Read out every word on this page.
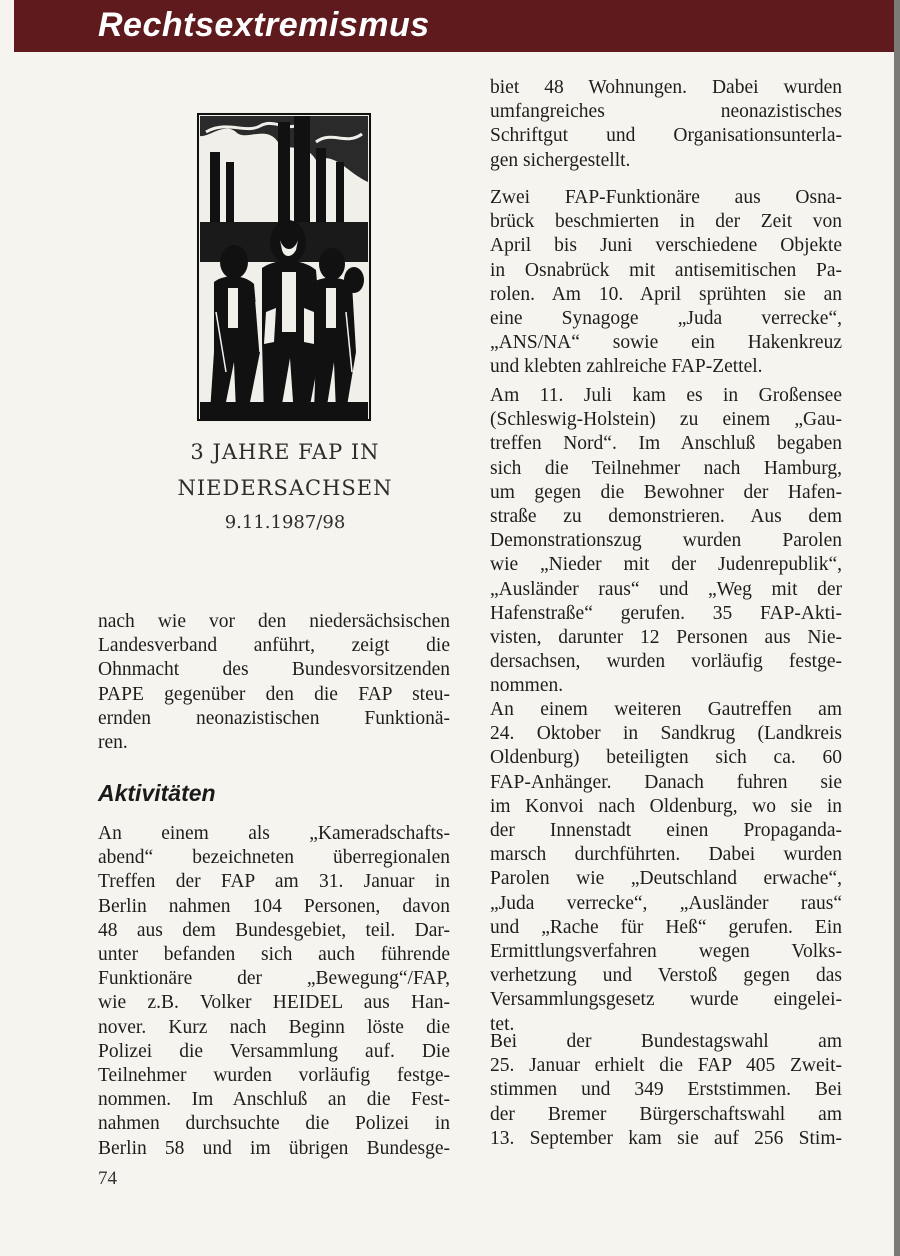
Rechtsextremismus
3 JAHRE FAP IN
NIEDERSACHSEN
9.11.1987/98
nach wie vor den niedersächsischen
Landesverband anführt, zeigt die
Ohnmacht des Bundesvorsitzenden
PAPE gegenüber den die FAP steu-
ernden neonazistischen Funktionä-
ren.
Aktivitäten
An einem als „Kameradschafts-
abend“ bezeichneten überregionalen
Treffen der FAP am 31. Januar in
Berlin nahmen 104 Personen, davon
48 aus dem Bundesgebiet, teil. Dar-
unter befanden sich auch führende
Funktionäre der „Bewegung“/FAP,
wie z.B. Volker HEIDEL aus Han-
nover. Kurz nach Beginn löste die
Polizei die Versammlung auf. Die
Teilnehmer wurden vorläufig festge-
nommen. Im Anschluß an die Fest-
nahmen durchsuchte die Polizei in
Berlin 58 und im übrigen Bundesge-
biet 48 Wohnungen. Dabei wurden
umfangreiches neonazistisches
Schriftgut und Organisationsunterla-
gen sichergestellt.
Zwei FAP-Funktionäre aus Osna-
brück beschmierten in der Zeit von
April bis Juni verschiedene Objekte
in Osnabrück mit antisemitischen Pa-
rolen. Am 10. April sprühten sie an
eine Synagoge „Juda verrecke“,
„ANS/NA“ sowie ein Hakenkreuz
und klebten zahlreiche FAP-Zettel.
Am 11. Juli kam es in Großensee
(Schleswig-Holstein) zu einem „Gau-
treffen Nord“. Im Anschluß begaben
sich die Teilnehmer nach Hamburg,
um gegen die Bewohner der Hafen-
straße zu demonstrieren. Aus dem
Demonstrationszug wurden Parolen
wie „Nieder mit der Judenrepublik“,
„Ausländer raus“ und „Weg mit der
Hafenstraße“ gerufen. 35 FAP-Akti-
visten, darunter 12 Personen aus Nie-
dersachsen, wurden vorläufig festge-
nommen.
An einem weiteren Gautreffen am
24. Oktober in Sandkrug (Landkreis
Oldenburg) beteiligten sich ca. 60
FAP-Anhänger. Danach fuhren sie
im Konvoi nach Oldenburg, wo sie in
der Innenstadt einen Propaganda-
marsch durchführten. Dabei wurden
Parolen wie „Deutschland erwache“,
„Juda verrecke“, „Ausländer raus“
und „Rache für Heß“ gerufen. Ein
Ermittlungsverfahren wegen Volks-
verhetzung und Verstoß gegen das
Versammlungsgesetz wurde eingelei-
tet.
Bei der Bundestagswahl am
25. Januar erhielt die FAP 405 Zweit-
stimmen und 349 Erststimmen. Bei
der Bremer Bürgerschaftswahl am
13. September kam sie auf 256 Stim-
74
